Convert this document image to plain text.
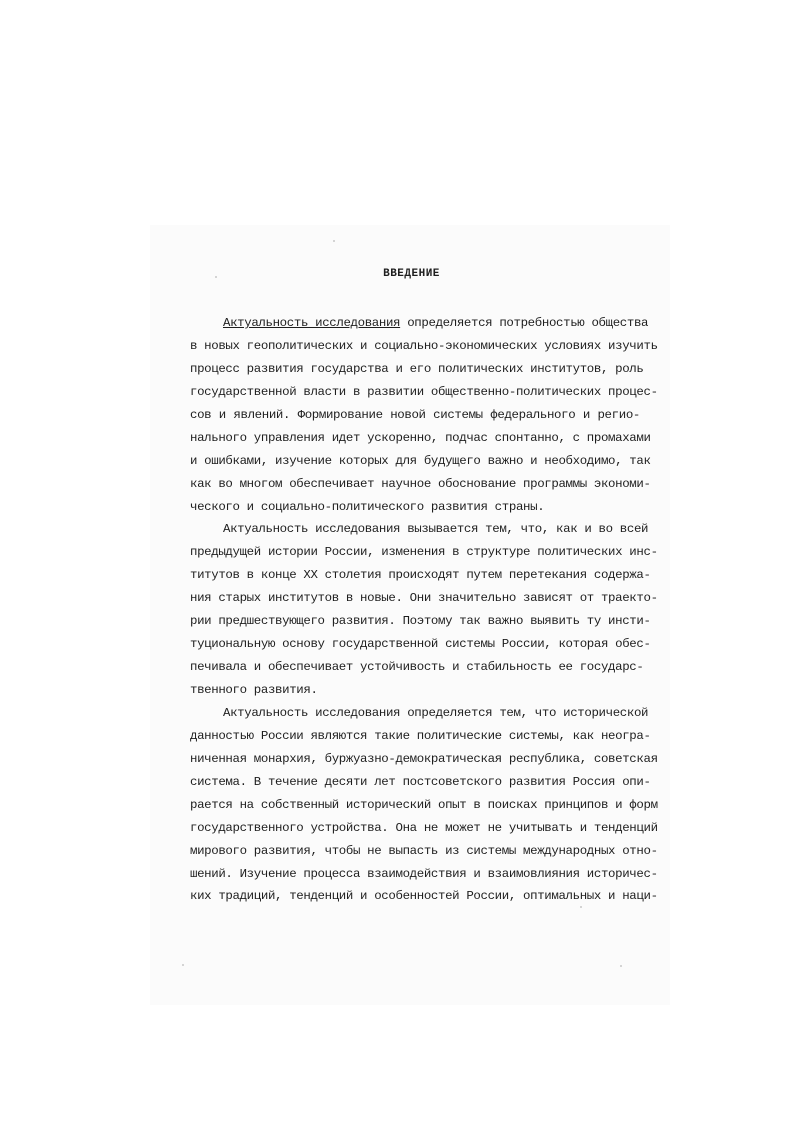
ВВЕДЕНИЕ
Актуальность исследования определяется потребностью общества
в новых геополитических и социально-экономических условиях изучить
процесс развития государства и его политических институтов, роль
государственной власти в развитии общественно-политических процес-
сов и явлений. Формирование новой системы федерального и регио-
нального управления идет ускоренно, подчас спонтанно, с промахами
и ошибками, изучение которых для будущего важно и необходимо, так
как во многом обеспечивает научное обоснование программы экономи-
ческого и социально-политического развития страны.
Актуальность исследования вызывается тем, что, как и во всей
предыдущей истории России, изменения в структуре политических инс-
титутов в конце XX столетия происходят путем перетекания содержа-
ния старых институтов в новые. Они значительно зависят от траекто-
рии предшествующего развития. Поэтому так важно выявить ту инсти-
туциональную основу государственной системы России, которая обес-
печивала и обеспечивает устойчивость и стабильность ее государс-
твенного развития.
Актуальность исследования определяется тем, что исторической
данностью России являются такие политические системы, как неогра-
ниченная монархия, буржуазно-демократическая республика, советская
система. В течение десяти лет постсоветского развития Россия опи-
рается на собственный исторический опыт в поисках принципов и форм
государственного устройства. Она не может не учитывать и тенденций
мирового развития, чтобы не выпасть из системы международных отно-
шений. Изучение процесса взаимодействия и взаимовлияния историчес-
ких традиций, тенденций и особенностей России, оптимальных и наци-
